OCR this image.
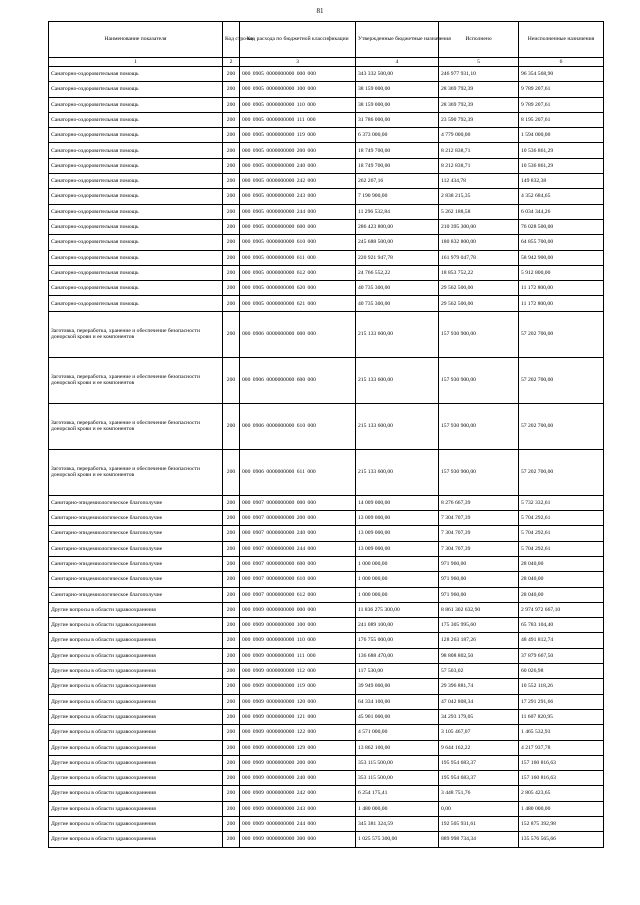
81
Наименование показателя	Код стро-ки	Код расхода по бюджетной классификации	Утвержденные бюджетные назначения	Исполнено	Неисполненные назначения
1	2	3	4	5	6
Санаторно-оздоровительная помощь	200	000 0905 0000000000 000 000	343 332 500,00	246 977 931,10	96 354 568,90
Санаторно-оздоровительная помощь	200	000 0905 0000000000 100 000	38 159 000,00	28 369 792,39	9 789 207,61
Санаторно-оздоровительная помощь	200	000 0905 0000000000 110 000	38 159 000,00	28 369 792,39	9 789 207,61
Санаторно-оздоровительная помощь	200	000 0905 0000000000 111 000	31 786 000,00	23 590 792,39	8 195 207,61
Санаторно-оздоровительная помощь	200	000 0905 0000000000 119 000	6 373 000,00	4 779 000,00	1 594 000,00
Санаторно-оздоровительная помощь	200	000 0905 0000000000 200 000	18 749 700,00	8 212 838,71	10 536 861,29
Санаторно-оздоровительная помощь	200	000 0905 0000000000 240 000	18 749 700,00	8 212 838,71	10 536 861,29
Санаторно-оздоровительная помощь	200	000 0905 0000000000 242 000	262 267,16	112 434,78	149 832,38
Санаторно-оздоровительная помощь	200	000 0905 0000000000 243 000	7 190 900,00	2 838 215,35	4 352 684,65
Санаторно-оздоровительная помощь	200	000 0905 0000000000 244 000	11 296 532,84	5 262 188,58	6 034 344,26
Санаторно-оздоровительная помощь	200	000 0905 0000000000 600 000	286 423 800,00	210 395 300,00	76 028 500,00
Санаторно-оздоровительная помощь	200	000 0905 0000000000 610 000	245 688 500,00	180 832 800,00	64 855 700,00
Санаторно-оздоровительная помощь	200	000 0905 0000000000 611 000	220 921 947,78	161 979 047,78	58 942 900,00
Санаторно-оздоровительная помощь	200	000 0905 0000000000 612 000	24 766 552,22	18 853 752,22	5 912 800,00
Санаторно-оздоровительная помощь	200	000 0905 0000000000 620 000	40 735 300,00	29 562 500,00	11 172 800,00
Санаторно-оздоровительная помощь	200	000 0905 0000000000 621 000	40 735 300,00	29 562 500,00	11 172 800,00
Заготовка, переработка, хранение и обеспечение безопасности донорской крови и ее компонентов	200	000 0906 0000000000 000 000	215 133 600,00	157 930 900,00	57 202 700,00
Заготовка, переработка, хранение и обеспечение безопасности донорской крови и ее компонентов	200	000 0906 0000000000 600 000	215 133 600,00	157 930 900,00	57 202 700,00
Заготовка, переработка, хранение и обеспечение безопасности донорской крови и ее компонентов	200	000 0906 0000000000 610 000	215 133 600,00	157 930 900,00	57 202 700,00
Заготовка, переработка, хранение и обеспечение безопасности донорской крови и ее компонентов	200	000 0906 0000000000 611 000	215 133 600,00	157 930 900,00	57 202 700,00
Санитарно-эпидемиологическое благополучие	200	000 0907 0000000000 000 000	14 009 000,00	8 276 667,39	5 732 332,61
Санитарно-эпидемиологическое благополучие	200	000 0907 0000000000 200 000	13 009 000,00	7 304 707,39	5 704 292,61
Санитарно-эпидемиологическое благополучие	200	000 0907 0000000000 240 000	13 009 000,00	7 304 707,39	5 704 292,61
Санитарно-эпидемиологическое благополучие	200	000 0907 0000000000 244 000	13 009 000,00	7 304 707,39	5 704 292,61
Санитарно-эпидемиологическое благополучие	200	000 0907 0000000000 600 000	1 000 000,00	971 960,00	28 040,00
Санитарно-эпидемиологическое благополучие	200	000 0907 0000000000 610 000	1 000 000,00	971 960,00	28 040,00
Санитарно-эпидемиологическое благополучие	200	000 0907 0000000000 612 000	1 000 000,00	971 960,00	28 040,00
Другие вопросы в области здравоохранения	200	000 0909 0000000000 000 000	11 836 275 300,00	8 861 302 632,90	2 974 972 667,10
Другие вопросы в области здравоохранения	200	000 0909 0000000000 100 000	241 089 100,00	175 305 995,60	65 783 104,40
Другие вопросы в области здравоохранения	200	000 0909 0000000000 110 000	176 755 000,00	128 263 187,26	48 491 812,74
Другие вопросы в области здравоохранения	200	000 0909 0000000000 111 000	136 688 470,00	98 808 802,50	37 879 667,50
Другие вопросы в области здравоохранения	200	000 0909 0000000000 112 000	117 530,00	57 503,02	60 026,98
Другие вопросы в области здравоохранения	200	000 0909 0000000000 119 000	39 949 000,00	29 396 881,74	10 552 118,26
Другие вопросы в области здравоохранения	200	000 0909 0000000000 120 000	64 334 100,00	47 042 808,34	17 291 291,66
Другие вопросы в области здравоохранения	200	000 0909 0000000000 121 000	45 901 000,00	34 293 179,05	11 607 820,95
Другие вопросы в области здравоохранения	200	000 0909 0000000000 122 000	4 571 000,00	3 105 467,07	1 465 532,93
Другие вопросы в области здравоохранения	200	000 0909 0000000000 129 000	13 862 100,00	9 644 162,22	4 217 937,78
Другие вопросы в области здравоохранения	200	000 0909 0000000000 200 000	353 115 500,00	195 954 683,37	157 160 816,63
Другие вопросы в области здравоохранения	200	000 0909 0000000000 240 000	353 115 500,00	195 954 683,37	157 160 816,63
Другие вопросы в области здравоохранения	200	000 0909 0000000000 242 000	6 254 175,41	3 448 751,76	2 805 423,65
Другие вопросы в области здравоохранения	200	000 0909 0000000000 243 000	1 480 000,00	0,00	1 480 000,00
Другие вопросы в области здравоохранения	200	000 0909 0000000000 244 000	345 381 324,59	192 505 931,61	152 875 392,98
Другие вопросы в области здравоохранения	200	000 0909 0000000000 300 000	1 025 575 300,00	889 998 734,34	135 576 565,66
